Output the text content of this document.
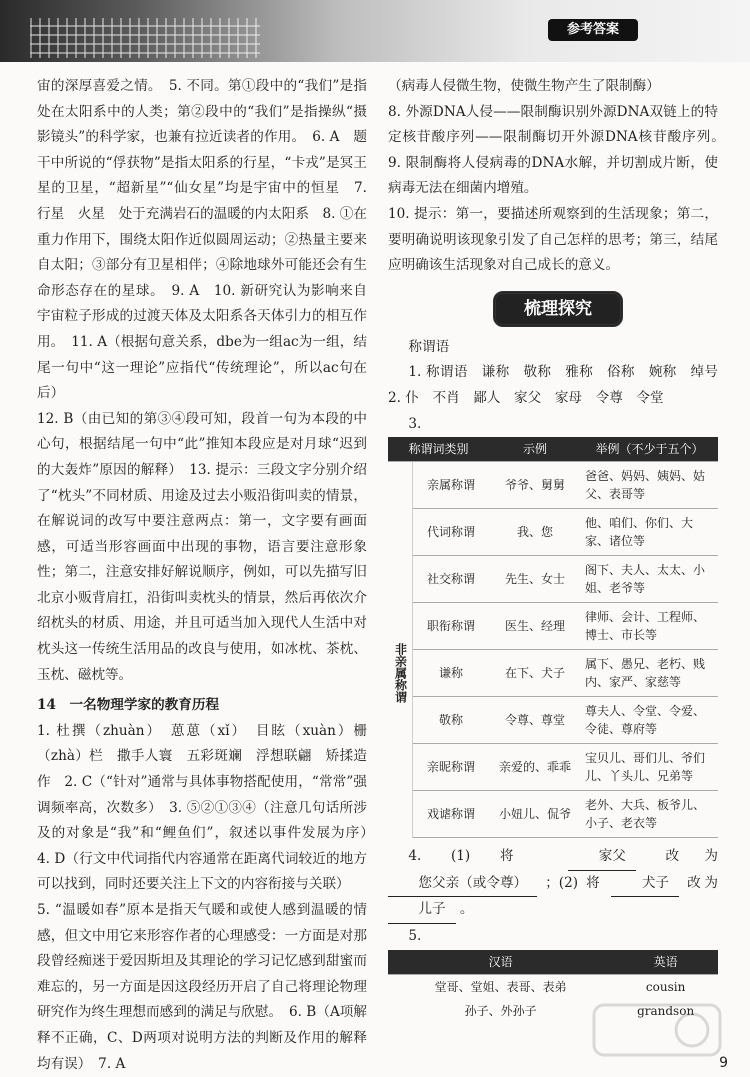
参考答案

宙的深厚喜爱之情。　5. 不同。第①段中的“我们”是指处在太阳系中的人类；第②段中的“我们”是指操纵“摄影镜头”的科学家，也兼有拉近读者的作用。　6. A　题干中所说的“俘获物”是指太阳系的行星，“卡戎”是冥王星的卫星，“超新星”“仙女星”均是宇宙中的恒星　7. 行星　火星　处于充满岩石的温暖的内太阳系　8. ①在重力作用下，围绕太阳作近似圆周运动；②热量主要来自太阳；③部分有卫星相伴；④除地球外可能还会有生命形态存在的星球。　9. A　10. 新研究认为影响来自宇宙粒子形成的过渡天体及太阳系各天体引力的相互作用。　11. A（根据句意关系，dbe为一组ac为一组，结尾一句中“这一理论”应指代“传统理论”，所以ac句在后）

12. B（由已知的第③④段可知，段首一句为本段的中心句，根据结尾一句中“此”推知本段应是对月球“迟到的大轰炸”原因的解释）　13. 提示：三段文字分别介绍了“枕头”不同材质、用途及过去小贩沿街叫卖的情景，在解说词的改写中要注意两点：第一，文字要有画面感，可适当形容画面中出现的事物，语言要注意形象性；第二，注意安排好解说顺序，例如，可以先描写旧北京小贩背肩扛，沿街叫卖枕头的情景，然后再依次介绍枕头的材质、用途，并且可适当加入现代人生活中对枕头这一传统生活用品的改良与使用，如冰枕、茶枕、玉枕、磁枕等。

14　一名物理学家的教育历程

1. 杜撰（zhuàn）　葸葸（xǐ）　目眩（xuàn）栅（zhà）栏　撒手人寰　五彩斑斓　浮想联翩　矫揉造作　2. C（“针对”通常与具体事物搭配使用，“常常”强调频率高，次数多）　3. ⑤②①③④（注意几句话所涉及的对象是“我”和“鲤鱼们”，叙述以事件发展为序）　4. D（行文中代词指代内容通常在距离代词较近的地方可以找到，同时还要关注上下文的内容衔接与关联）

5. “温暖如春”原本是指天气暖和或使人感到温暖的情感，但文中用它来形容作者的心理感受：一方面是对那段曾经痴迷于爱因斯坦及其理论的学习记忆感到甜蜜而难忘的，另一方面是因这段经历开启了自己将理论物理研究作为终生理想而感到的满足与欣慰。　6. B（A项解释不正确，C、D两项对说明方法的判断及作用的解释均有误）　7. A

（病毒人侵微生物，使微生物产生了限制酶）

8. 外源DNA人侵——限制酶识别外源DNA双链上的特定核苷酸序列——限制酶切开外源DNA核苷酸序列。　9. 限制酶将人侵病毒的DNA水解，并切割成片断，使病毒无法在细菌内增殖。

10. 提示：第一，要描述所观察到的生活现象；第二，要明确说明该现象引发了自己怎样的思考；第三，结尾应明确该生活现象对自己成长的意义。

梳理探究

称谓语

1. 称谓语　谦称　敬称　雅称　俗称　婉称　绰号　2. 仆　不肖　鄙人　家父　家母　令尊　令堂

3.

称谓词类别		示例	举例（不少于五个）
	亲属称谓	爷爷、舅舅	爸爸、妈妈、姨妈、姑父、表哥等
非亲属称谓	代词称谓	我、您	他、咱们、你们、大家、诸位等
	社交称谓	先生、女士	阁下、夫人、太太、小姐、老爷等
	职衔称谓	医生、经理	律师、会计、工程师、博士、市长等
	谦称	在下、犬子	属下、愚兄、老朽、贱内、家严、家慈等
	敬称	令尊、尊堂	尊夫人、令堂、令爱、令徒、尊府等
	亲昵称谓	亲爱的、乖乖	宝贝儿、哥们儿、爷们儿、丫头儿、兄弟等
	戏谑称谓	小妞儿、侃爷	老外、大兵、板爷儿、小子、老衣等

4. (1) 将	家父	改为 您父亲（或令尊） ；(2) 将	犬子 改为 儿子 。

5.

汉语	英语
堂哥、堂姐、表哥、表弟	cousin
孙子、外孙子	grandson
9
